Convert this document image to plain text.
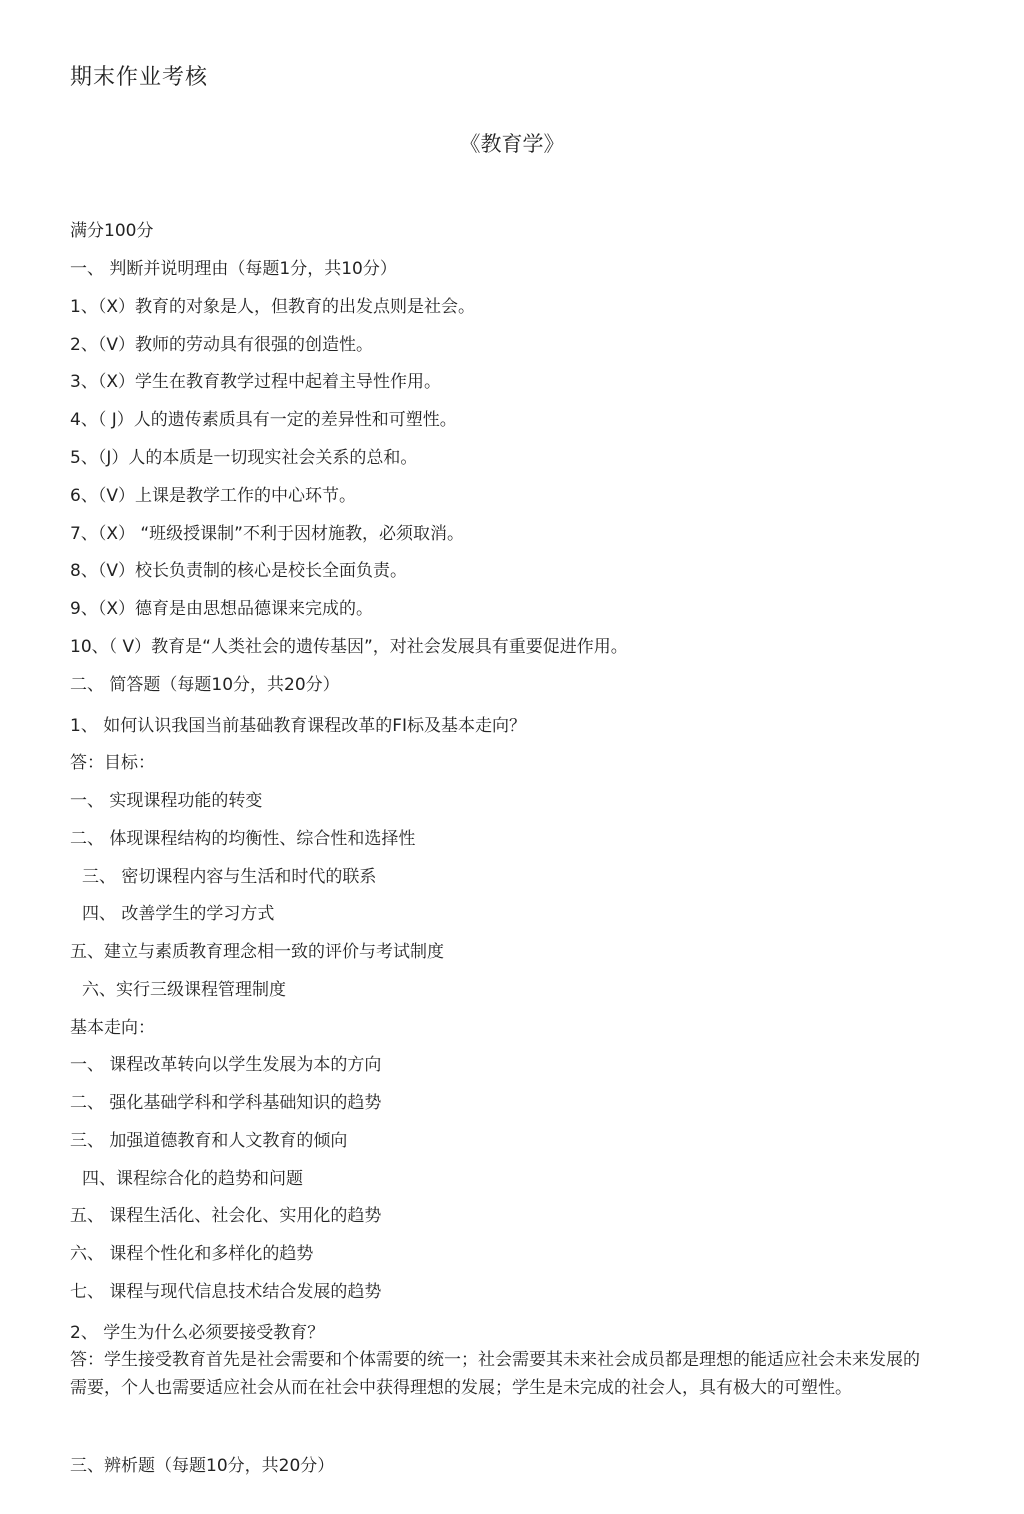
期末作业考核
《教育学》
满分100分
一、 判断并说明理由（每题1分，共10分）
1、（X）教育的对象是人，但教育的出发点则是社会。
2、（V）教师的劳动具有很强的创造性。
3、（X）学生在教育教学过程中起着主导性作用。
4、（ J）人的遗传素质具有一定的差异性和可塑性。
5、（J）人的本质是一切现实社会关系的总和。
6、（V）上课是教学工作的中心环节。
7、（X） “班级授课制”不利于因材施教，必须取消。
8、（V）校长负责制的核心是校长全面负责。
9、（X）德育是由思想品德课来完成的。
10、（ V）教育是“人类社会的遗传基因”，对社会发展具有重要促进作用。
二、 简答题（每题10分，共20分）
1、 如何认识我国当前基础教育课程改革的FI标及基本走向？
答：目标：
一、 实现课程功能的转变
二、 体现课程结构的均衡性、综合性和选择性
三、 密切课程内容与生活和时代的联系
四、 改善学生的学习方式
五、建立与素质教育理念相一致的评价与考试制度
六、实行三级课程管理制度
基本走向：
一、 课程改革转向以学生发展为本的方向
二、 强化基础学科和学科基础知识的趋势
三、 加强道德教育和人文教育的倾向
四、课程综合化的趋势和问题
五、 课程生活化、社会化、实用化的趋势
六、 课程个性化和多样化的趋势
七、 课程与现代信息技术结合发展的趋势
2、 学生为什么必须要接受教育？
答：学生接受教育首先是社会需要和个体需要的统一；社会需要其未来社会成员都是理想的能适应社会未来发展的需要，个人也需要适应社会从而在社会中获得理想的发展；学生是未完成的社会人，具有极大的可塑性。
三、辨析题（每题10分，共20分）
